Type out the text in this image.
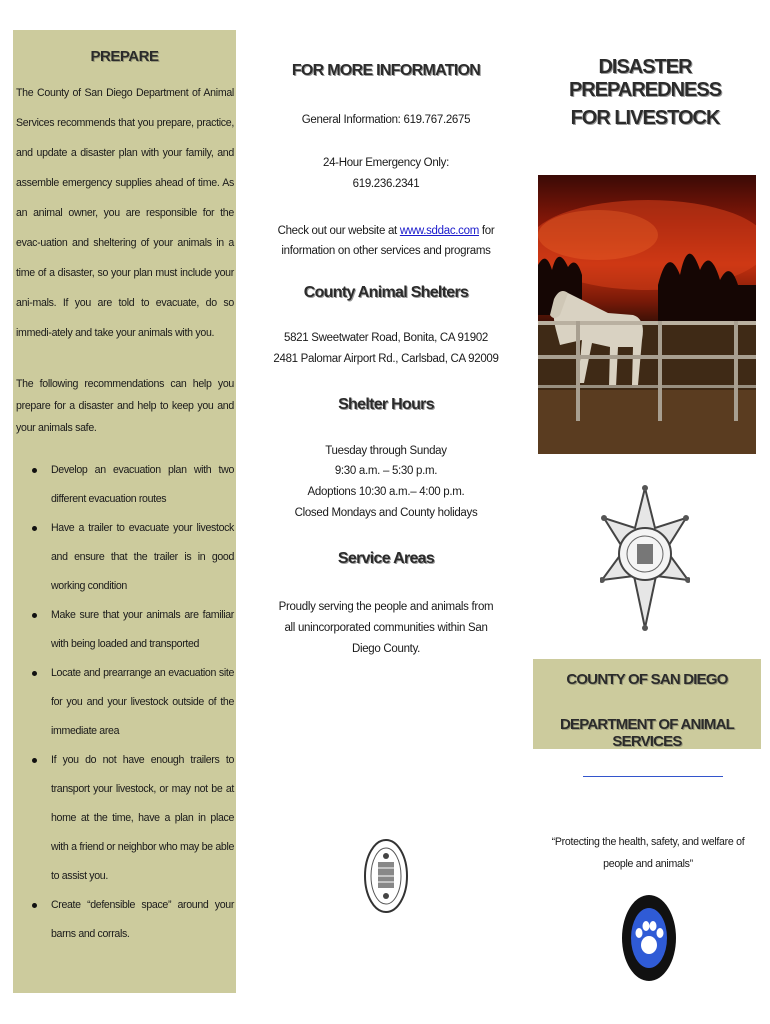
PREPARE
The County of San Diego Department of Animal Services recommends that you prepare, practice, and update a disaster plan with your family, and assemble emergency supplies ahead of time. As an animal owner, you are responsible for the evac-uation and sheltering of your animals in a time of a disaster, so your plan must include your ani-mals. If you are told to evacuate, do so immedi-ately and take your animals with you.
The following recommendations can help you prepare for a disaster and help to keep you and your animals safe.
Develop an evacuation plan with two different evacuation routes
Have a trailer to evacuate your livestock and ensure that the trailer is in good working condition
Make sure that your animals are familiar with being loaded and transported
Locate and prearrange an evacuation site for you and your livestock outside of the immediate area
If you do not have enough trailers to transport your livestock, or may not be at home at the time, have a plan in place with a friend or neighbor who may be able to assist you.
Create “defensible space” around your barns and corrals.
FOR MORE INFORMATION
General Information: 619.767.2675
24-Hour Emergency Only:
619.236.2341
Check out our website at www.sddac.com for information on other services and programs
County Animal Shelters
5821 Sweetwater Road, Bonita, CA 91902
2481 Palomar Airport Rd., Carlsbad, CA 92009
Shelter Hours
Tuesday through Sunday
9:30 a.m. – 5:30 p.m.
Adoptions 10:30 a.m.– 4:00 p.m.
Closed Mondays and County holidays
Service Areas
Proudly serving the people and animals from all unincorporated communities within San Diego County.
DISASTER PREPAREDNESS
FOR LIVESTOCK
COUNTY OF SAN DIEGO
DEPARTMENT OF ANIMAL SERVICES
“Protecting the health, safety, and welfare of people and animals”
